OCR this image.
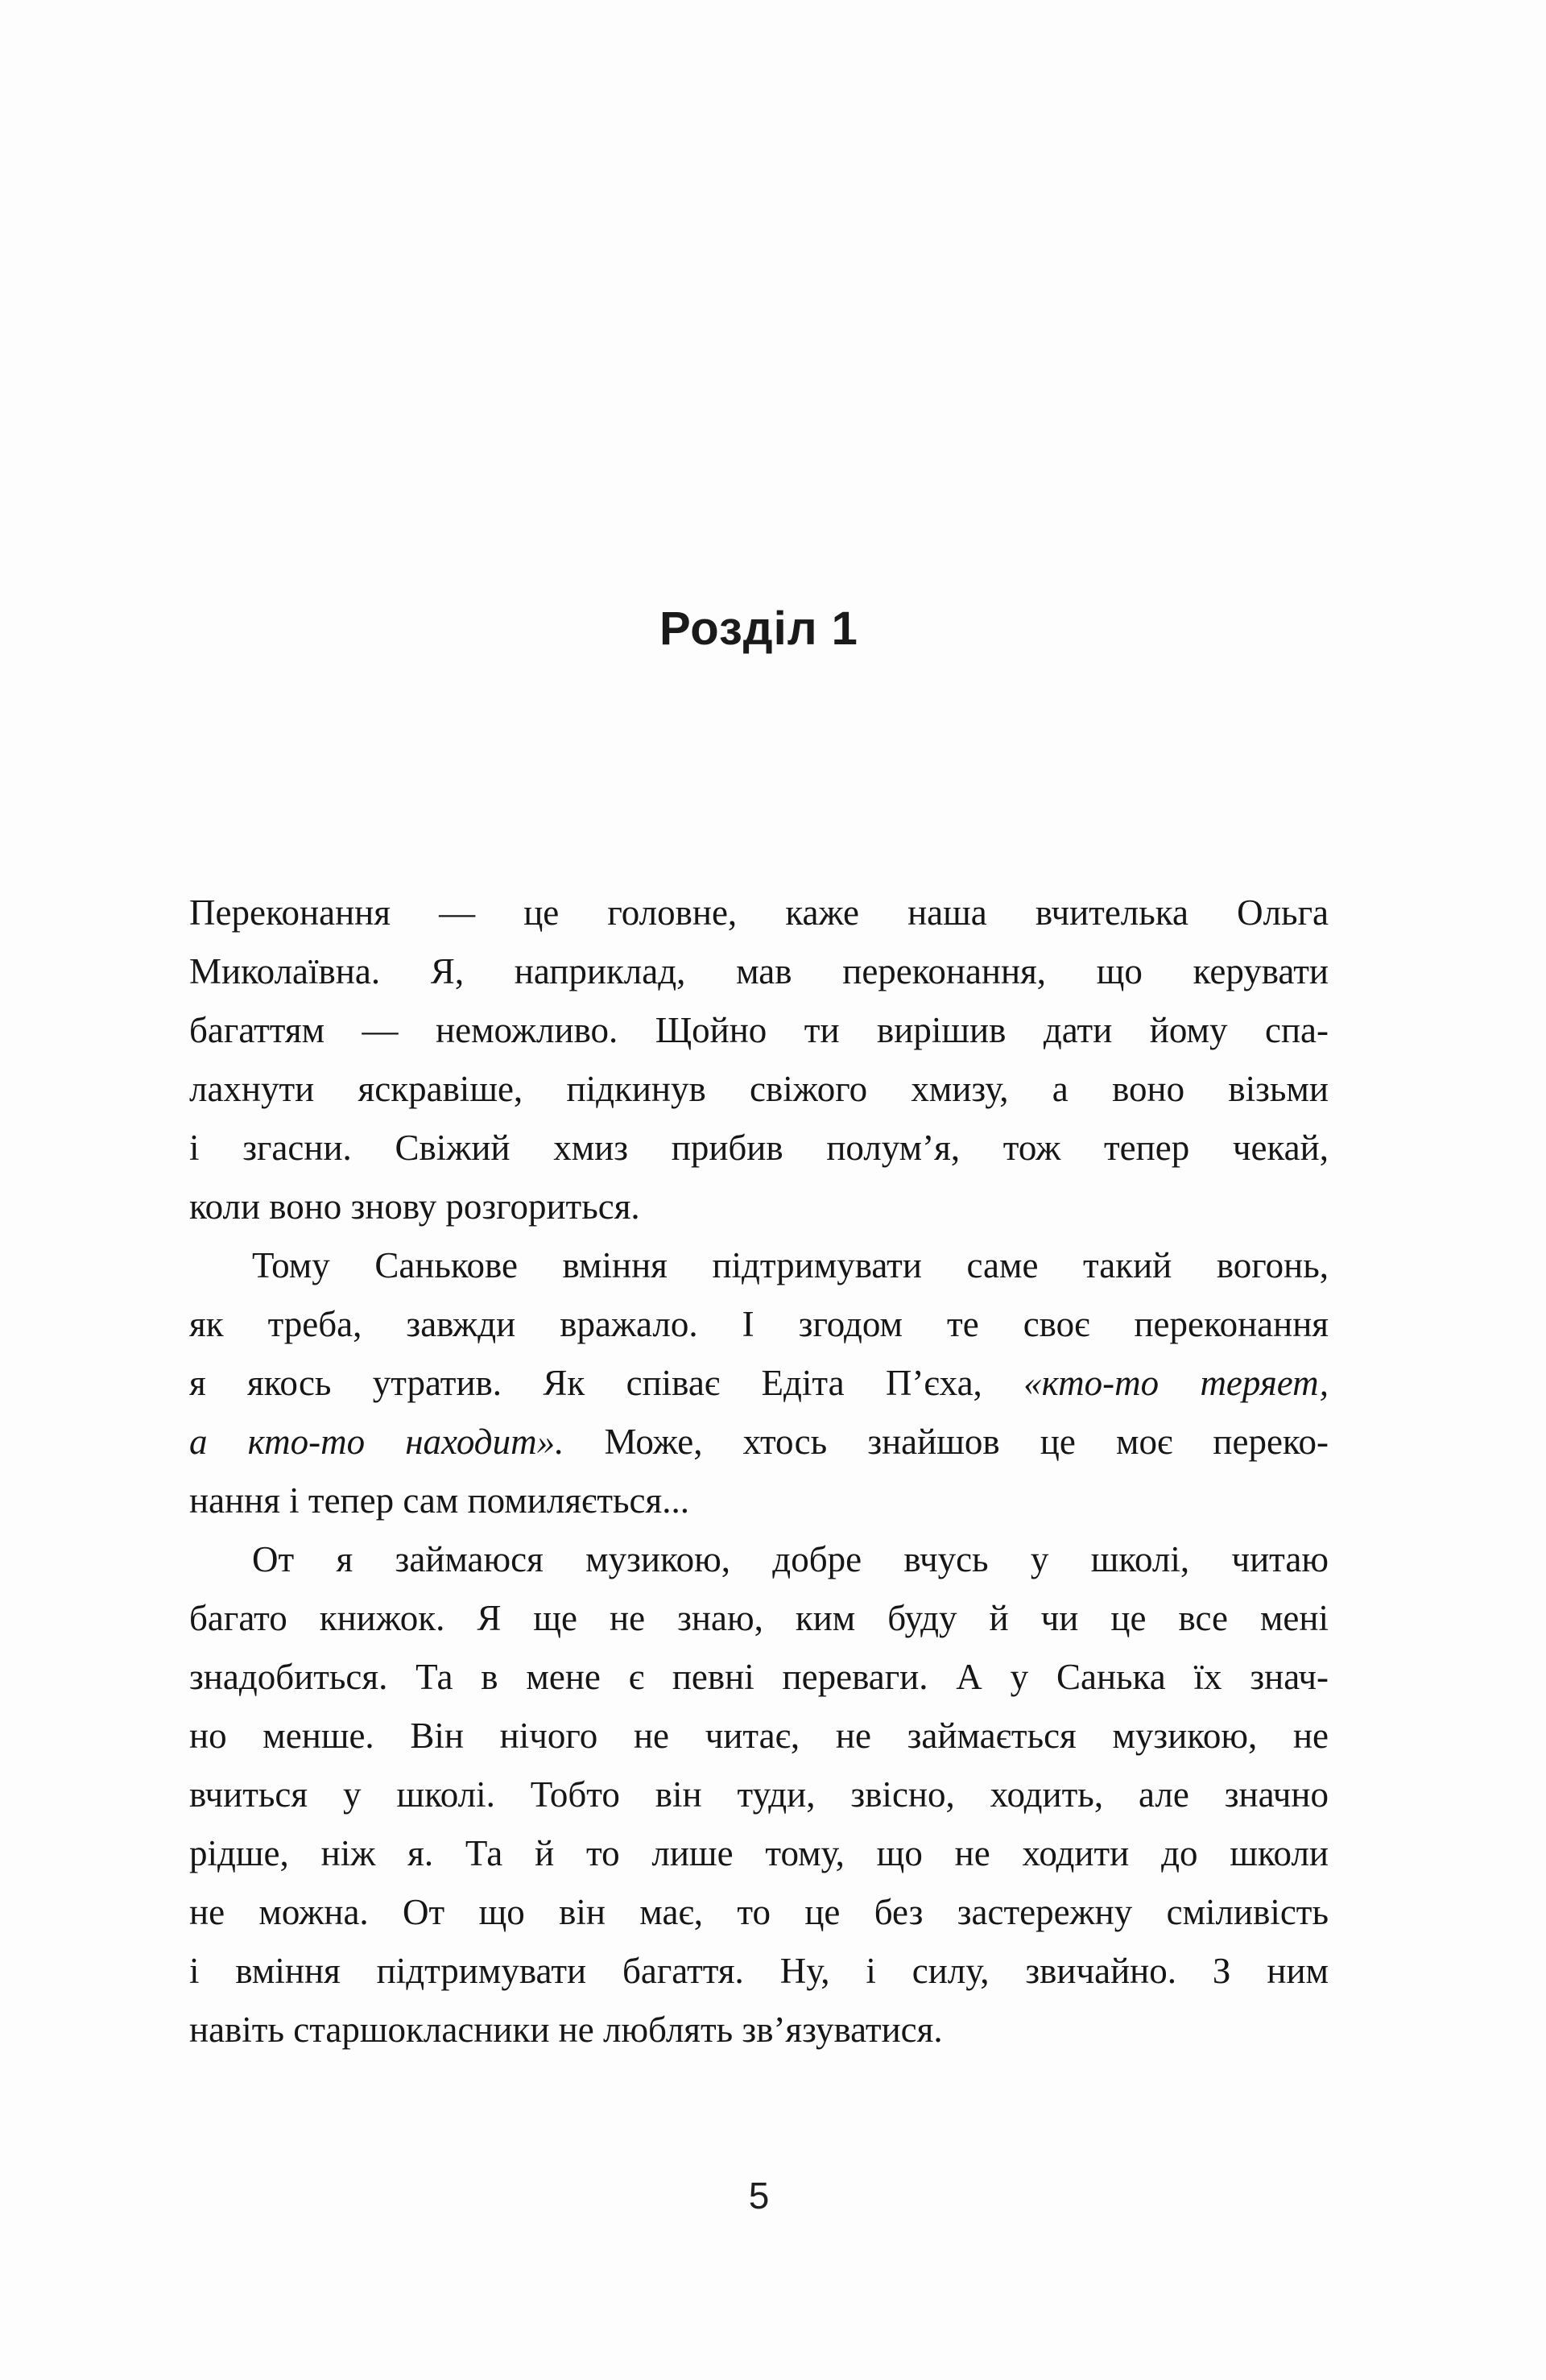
Розділ 1
Переконання — це головне, каже наша вчителька Ольга
Миколаївна. Я, наприклад, мав переконання, що керувати
багаттям — неможливо. Щойно ти вирішив дати йому спа-
лахнути яскравіше, підкинув свіжого хмизу, а воно візьми
і згасни. Свіжий хмиз прибив полум’я, тож тепер чекай,
коли воно знову розгориться.
Тому Санькове вміння підтримувати саме такий вогонь,
як треба, завжди вражало. І згодом те своє переконання
я якось утратив. Як співає Едіта П’єха, «кто-то теряет,
а кто-то находит». Може, хтось знайшов це моє переко-
нання і тепер сам помиляється...
От я займаюся музикою, добре вчусь у школі, читаю
багато книжок. Я ще не знаю, ким буду й чи це все мені
знадобиться. Та в мене є певні переваги. А у Санька їх знач-
но менше. Він нічого не читає, не займається музикою, не
вчиться у школі. Тобто він туди, звісно, ходить, але значно
рідше, ніж я. Та й то лише тому, що не ходити до школи
не можна. От що він має, то це без застережну сміливість
і вміння підтримувати багаття. Ну, і силу, звичайно. З ним
навіть старшокласники не люблять зв’язуватися.
5
